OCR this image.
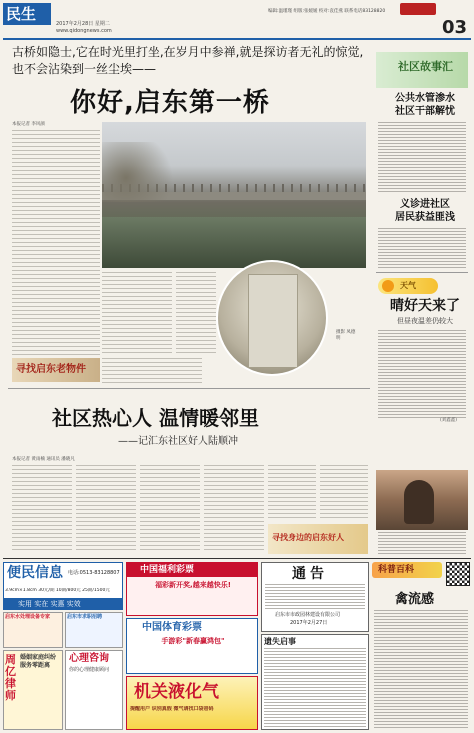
民生
2017年2月28日 星期二
www.qidongnews.com
编辑:温瑾瑾 组版:张媛媛 校对:袁佳燕 联系电话83128820
03
古桥如隐士,它在时光里打坐,在岁月中参禅,就是探访者无礼的惊觉,也不会沾染到一丝尘埃——
你好,启东第一桥
本报记者 李风颜
摄影 凤德明
寻找启东老物件
社区热心人 温情暖邻里
——记汇东社区好人陆顺冲
本报记者 黄雨楠 通讯员 潘晓凡
寻找身边的启东好人
社区故事汇
公共水管渗水
社区干部解忧
义诊进社区
居民获益匪浅
天气
晴好天来了
但昼夜温差仍较大
(刘鑫鑫)
便民信息 电话:0513-83128807
3.9cm×1.8cm 30元/期 10期/800元 25期/1500元
实用 实在 实惠 实效
启东水处理设备专家	启东市求职招聘
周亿律师
婚姻家庭纠纷
服务零距离
心理咨询
你的心理健康顾问
中国福利彩票
福彩新开奖,越来越快乐!
中国体育彩票
手游彩"新春赢鸿包"
机关液化气
提醒用户 识别真假 微气请找口袋爸码
通告
启东市市政园林建设有限公司
2017年2月27日
遗失启事
科普百科
禽流感
